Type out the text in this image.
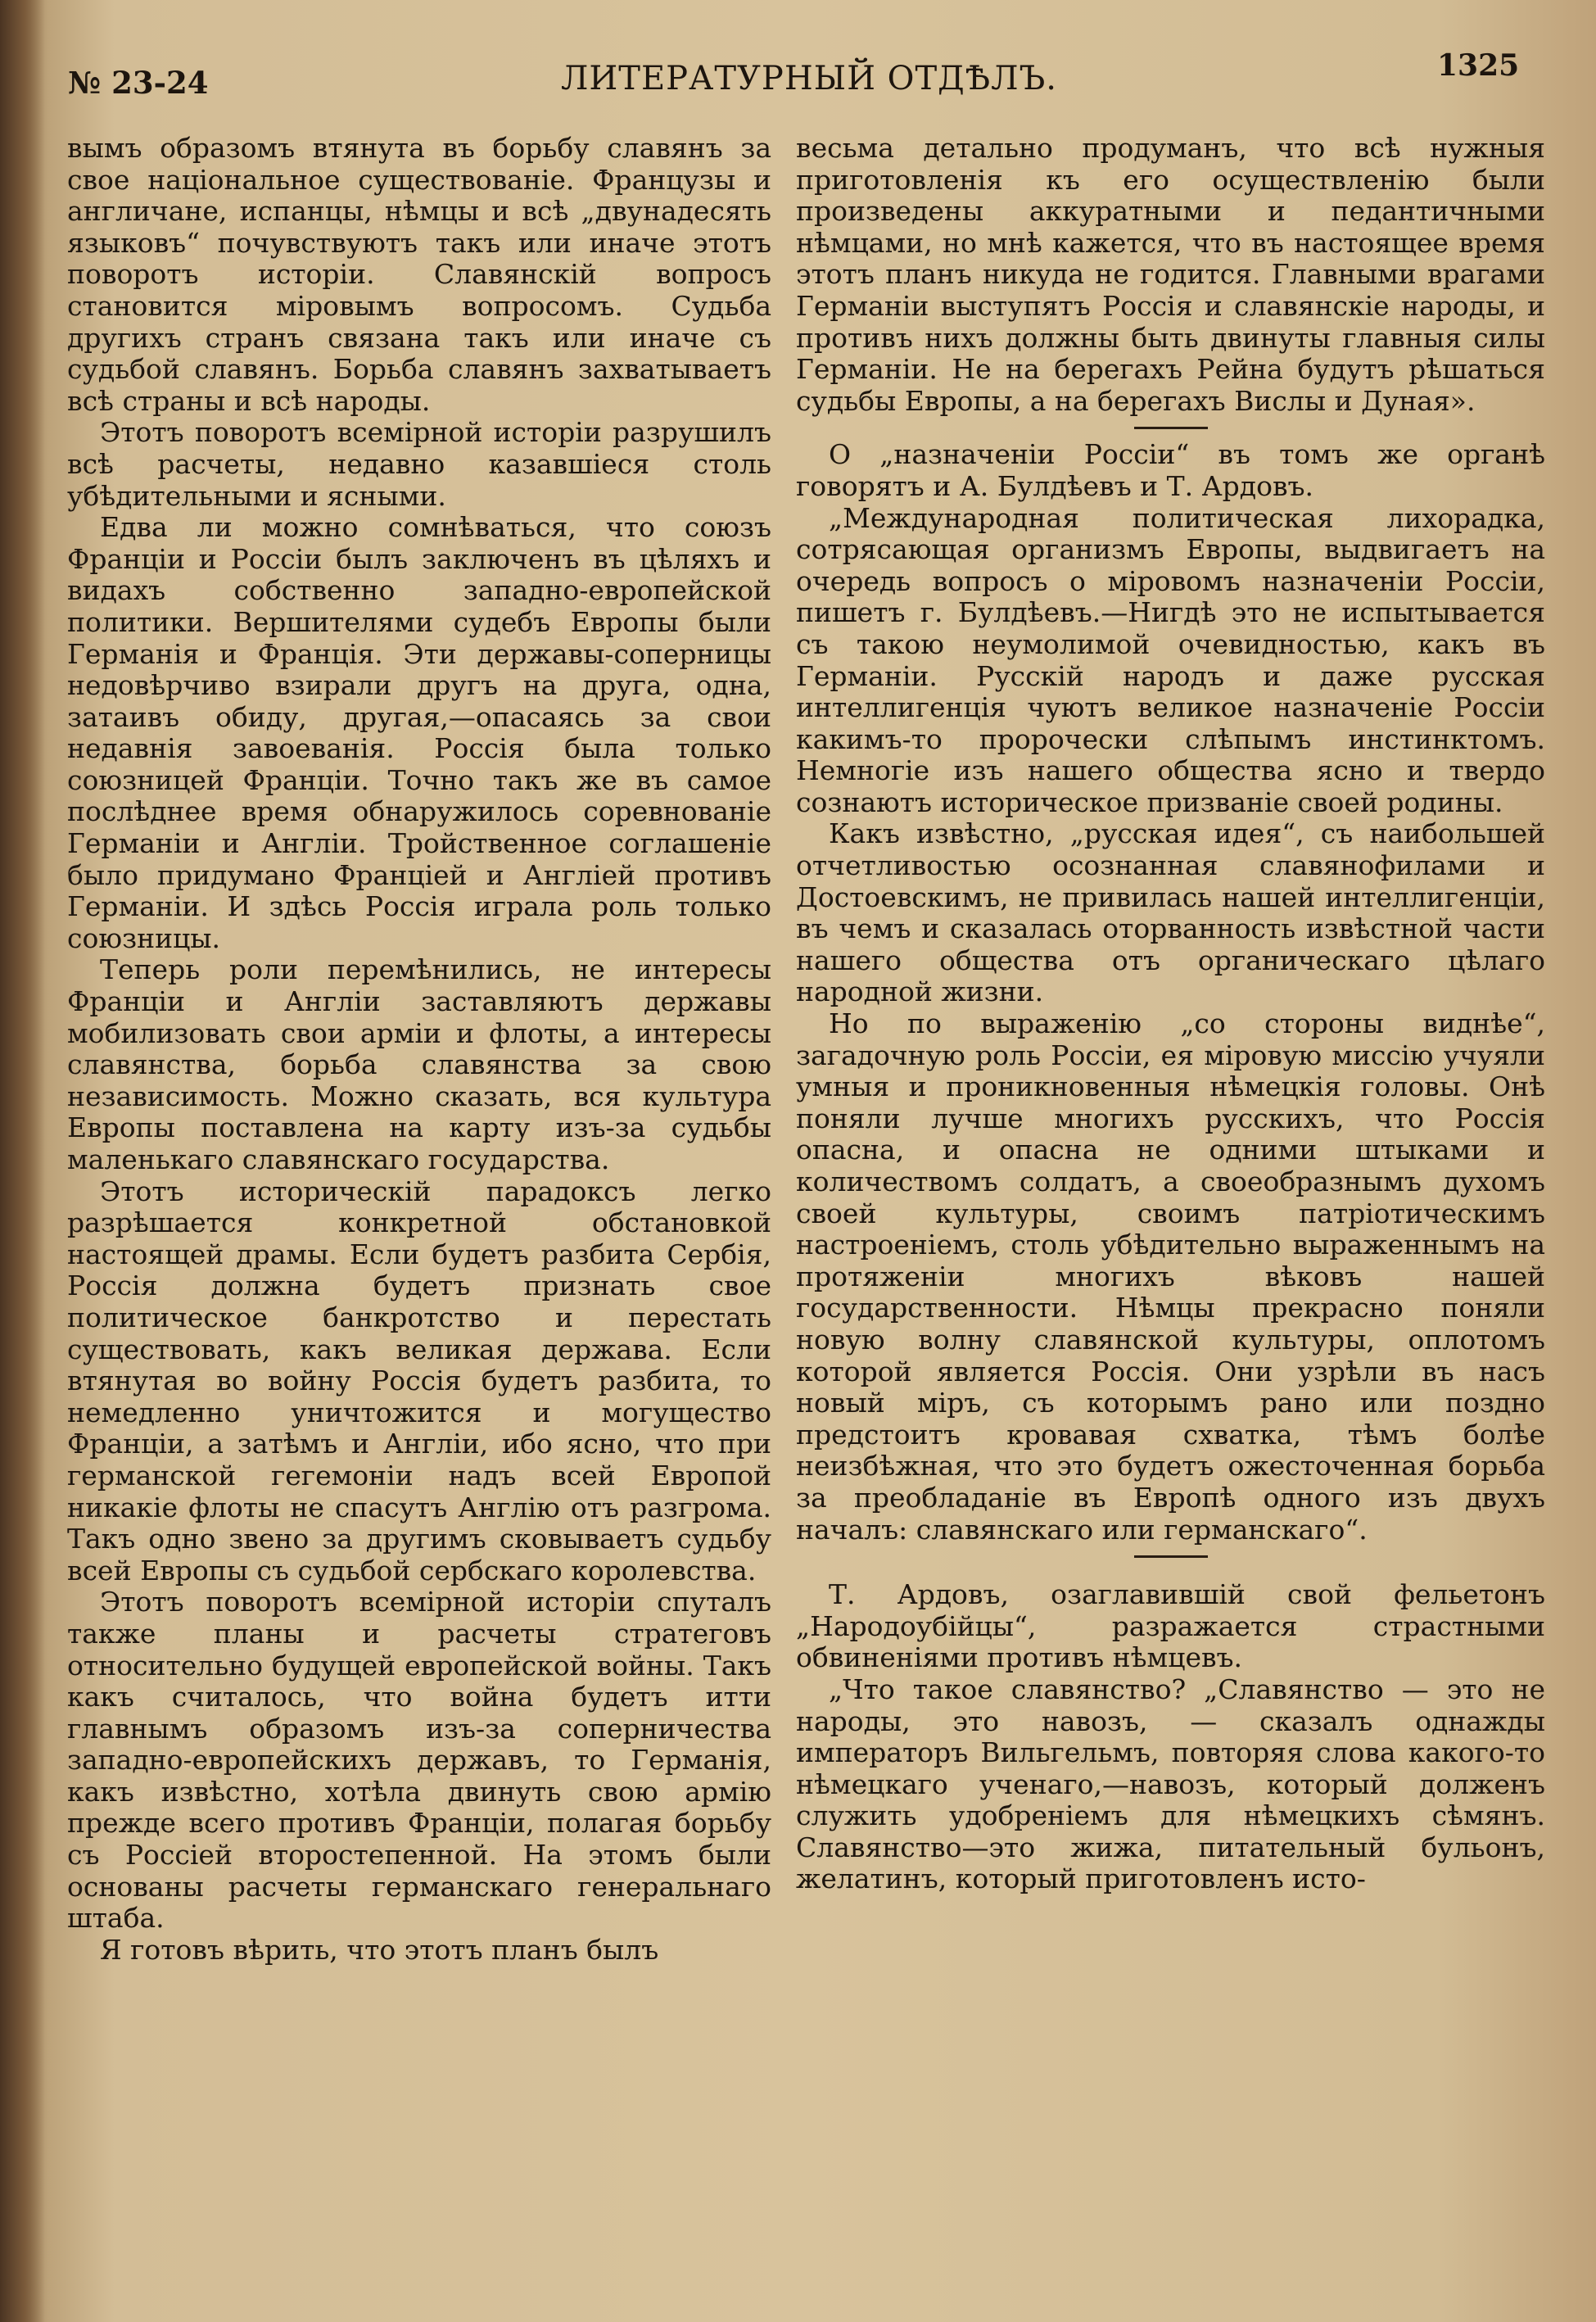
№ 23-24	ЛИТЕРАТУРНЫЙ ОТДѢЛЪ.	1325

вымъ образомъ втянута въ борьбу славянъ за свое національное существованіе. Французы и англичане, испанцы, нѣмцы и всѣ „двунадесять языковъ“ почувствуютъ такъ или иначе этотъ поворотъ исторіи. Славянскій вопросъ становится міровымъ вопросомъ. Судьба другихъ странъ связана такъ или иначе съ судьбой славянъ. Борьба славянъ захватываетъ всѣ страны и всѣ народы.

Этотъ поворотъ всемірной исторіи разрушилъ всѣ расчеты, недавно казавшіеся столь убѣдительными и ясными.

Едва ли можно сомнѣваться, что союзъ Франціи и Россіи былъ заключенъ въ цѣляхъ и видахъ собственно западно-европейской политики. Вершителями судебъ Европы были Германія и Франція. Эти державы-соперницы недовѣрчиво взирали другъ на друга, одна, затаивъ обиду, другая,—опасаясь за свои недавнія завоеванія. Россія была только союзницей Франціи. Точно такъ же въ самое послѣднее время обнаружилось соревнованіе Германіи и Англіи. Тройственное соглашеніе было придумано Франціей и Англіей противъ Германіи. И здѣсь Россія играла роль только союзницы.

Теперь роли перемѣнились, не интересы Франціи и Англіи заставляютъ державы мобилизовать свои арміи и флоты, а интересы славянства, борьба славянства за свою независимость. Можно сказать, вся культура Европы поставлена на карту изъ-за судьбы маленькаго славянскаго государства.

Этотъ историческій парадоксъ легко разрѣшается конкретной обстановкой настоящей драмы. Если будетъ разбита Сербія, Россія должна будетъ признать свое политическое банкротство и перестать существовать, какъ великая держава. Если втянутая во войну Россія будетъ разбита, то немедленно уничтожится и могущество Франціи, а затѣмъ и Англіи, ибо ясно, что при германской гегемоніи надъ всей Европой никакіе флоты не спасутъ Англію отъ разгрома. Такъ одно звено за другимъ сковываетъ судьбу всей Европы съ судьбой сербскаго королевства.

Этотъ поворотъ всемірной исторіи спуталъ также планы и расчеты стратеговъ относительно будущей европейской войны. Такъ какъ считалось, что война будетъ итти главнымъ образомъ изъ-за соперничества западно-европейскихъ державъ, то Германія, какъ извѣстно, хотѣла двинуть свою армію прежде всего противъ Франціи, полагая борьбу съ Россіей второстепенной. На этомъ были основаны расчеты германскаго генеральнаго штаба.

Я готовъ вѣрить, что этотъ планъ былъ

весьма детально продуманъ, что всѣ нужныя приготовленія къ его осуществленію были произведены аккуратными и педантичными нѣмцами, но мнѣ кажется, что въ настоящее время этотъ планъ никуда не годится. Главными врагами Германіи выступятъ Россія и славянскіе народы, и противъ нихъ должны быть двинуты главныя силы Германіи. Не на берегахъ Рейна будутъ рѣшаться судьбы Европы, а на берегахъ Вислы и Дуная».

О „назначеніи Россіи“ въ томъ же органѣ говорятъ и А. Булдѣевъ и Т. Ардовъ.

„Международная политическая лихорадка, сотрясающая организмъ Европы, выдвигаетъ на очередь вопросъ о міровомъ назначеніи Россіи, пишетъ г. Булдѣевъ.—Нигдѣ это не испытывается съ такою неумолимой очевидностью, какъ въ Германіи. Русскій народъ и даже русская интеллигенція чуютъ великое назначеніе Россіи какимъ-то пророчески слѣпымъ инстинктомъ. Немногіе изъ нашего общества ясно и твердо сознаютъ историческое призваніе своей родины.

Какъ извѣстно, „русская идея“, съ наибольшей отчетливостью осознанная славянофилами и Достоевскимъ, не привилась нашей интеллигенціи, въ чемъ и сказалась оторванность извѣстной части нашего общества отъ органическаго цѣлаго народной жизни.

Но по выраженію „со стороны виднѣе“, загадочную роль Россіи, ея міровую миссію учуяли умныя и проникновенныя нѣмецкія головы. Онѣ поняли лучше многихъ русскихъ, что Россія опасна, и опасна не одними штыками и количествомъ солдатъ, а своеобразнымъ духомъ своей культуры, своимъ патріотическимъ настроеніемъ, столь убѣдительно выраженнымъ на протяженіи многихъ вѣковъ нашей государственности. Нѣмцы прекрасно поняли новую волну славянской культуры, оплотомъ которой является Россія. Они узрѣли въ насъ новый міръ, съ которымъ рано или поздно предстоитъ кровавая схватка, тѣмъ болѣе неизбѣжная, что это будетъ ожесточенная борьба за преобладаніе въ Европѣ одного изъ двухъ началъ: славянскаго или германскаго“.

Т. Ардовъ, озаглавившій свой фельетонъ „Народоубійцы“, разражается страстными обвиненіями противъ нѣмцевъ.

„Что такое славянство? „Славянство — это не народы, это навозъ, — сказалъ однажды императоръ Вильгельмъ, повторяя слова какого-то нѣмецкаго ученаго,—навозъ, который долженъ служить удобреніемъ для нѣмецкихъ сѣмянъ. Славянство—это жижа, питательный бульонъ, желатинъ, который приготовленъ исто-
